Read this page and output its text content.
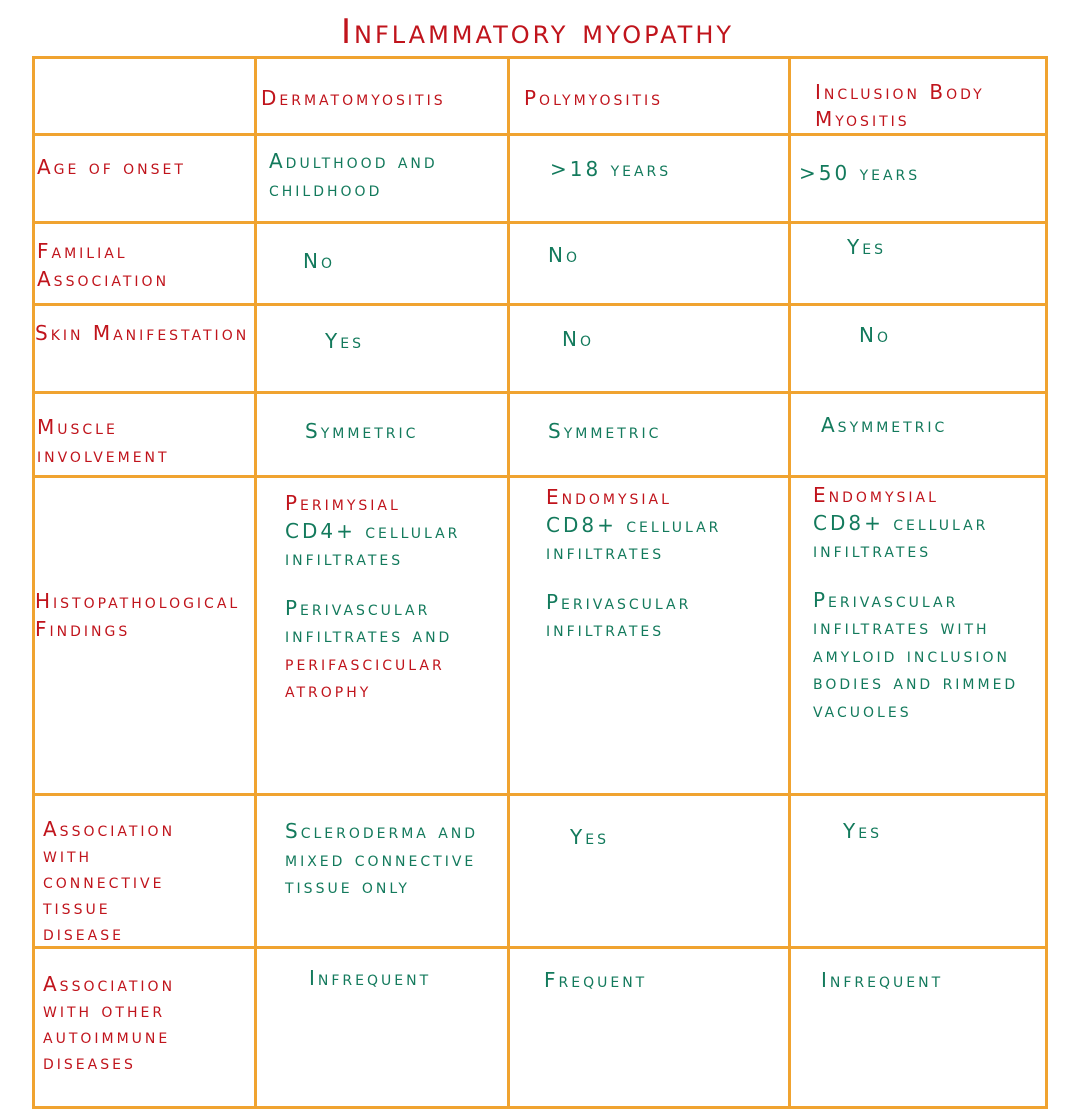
Inflammatory myopathy

	Dermatomyositis	Polymyositis	Inclusion Body Myositis

Age of onset	Adulthood and childhood	>18 years	>50 years

Familial Association	No	No	Yes

Skin Manifestation	Yes	No	No

Muscle involvement	Symmetric	Symmetric	Asymmetric

Histopathological Findings	Perimysial
CD4+ cellular infiltrates
Perivascular infiltrates and
perifascicular atrophy	Endomysial
CD8+ cellular infiltrates
Perivascular infiltrates	Endomysial
CD8+ cellular infiltrates
Perivascular infiltrates with amyloid inclusion bodies and rimmed vacuoles

Association with connective tissue disease	Scleroderma and mixed connective tissue only	Yes	Yes

Association with other autoimmune diseases	Infrequent	Frequent	Infrequent
